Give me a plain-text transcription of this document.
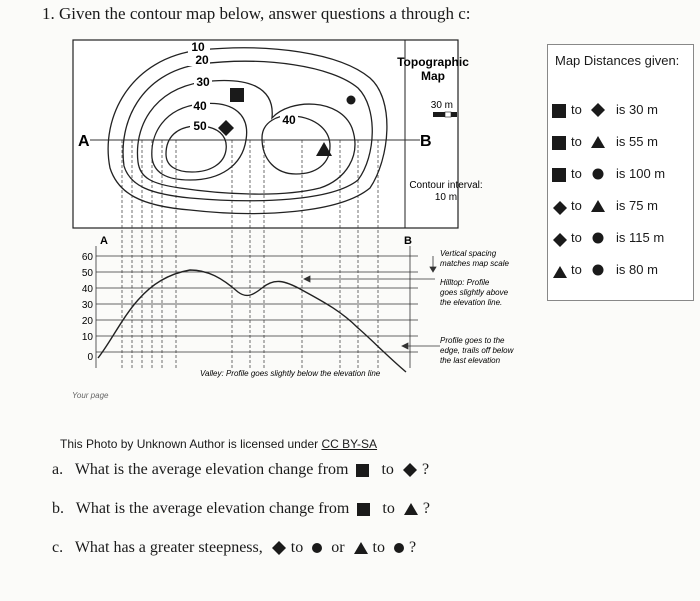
1. Given the contour map below, answer questions a through c:
10
20
30
40
50	40
A	B
Topographic
Map
30 m
Contour interval:
10 m
A	B
60
50
40
30
20
10
0
Vertical spacing
matches map scale
Hilltop: Profile
goes slightly above
the elevation line.
Profile goes to the
edge, trails off below
the last elevation
Valley: Profile goes slightly below the elevation line
Your page
Map Distances given:
to	is 30 m
to	is 55 m
to	is 100 m
to	is 75 m
to	is 115 m
to	is 80 m
This Photo by Unknown Author is licensed under CC BY-SA
a. What is the average elevation change from to ?
b. What is the average elevation change from to ?
c. What has a greater steepness, to or to ?
